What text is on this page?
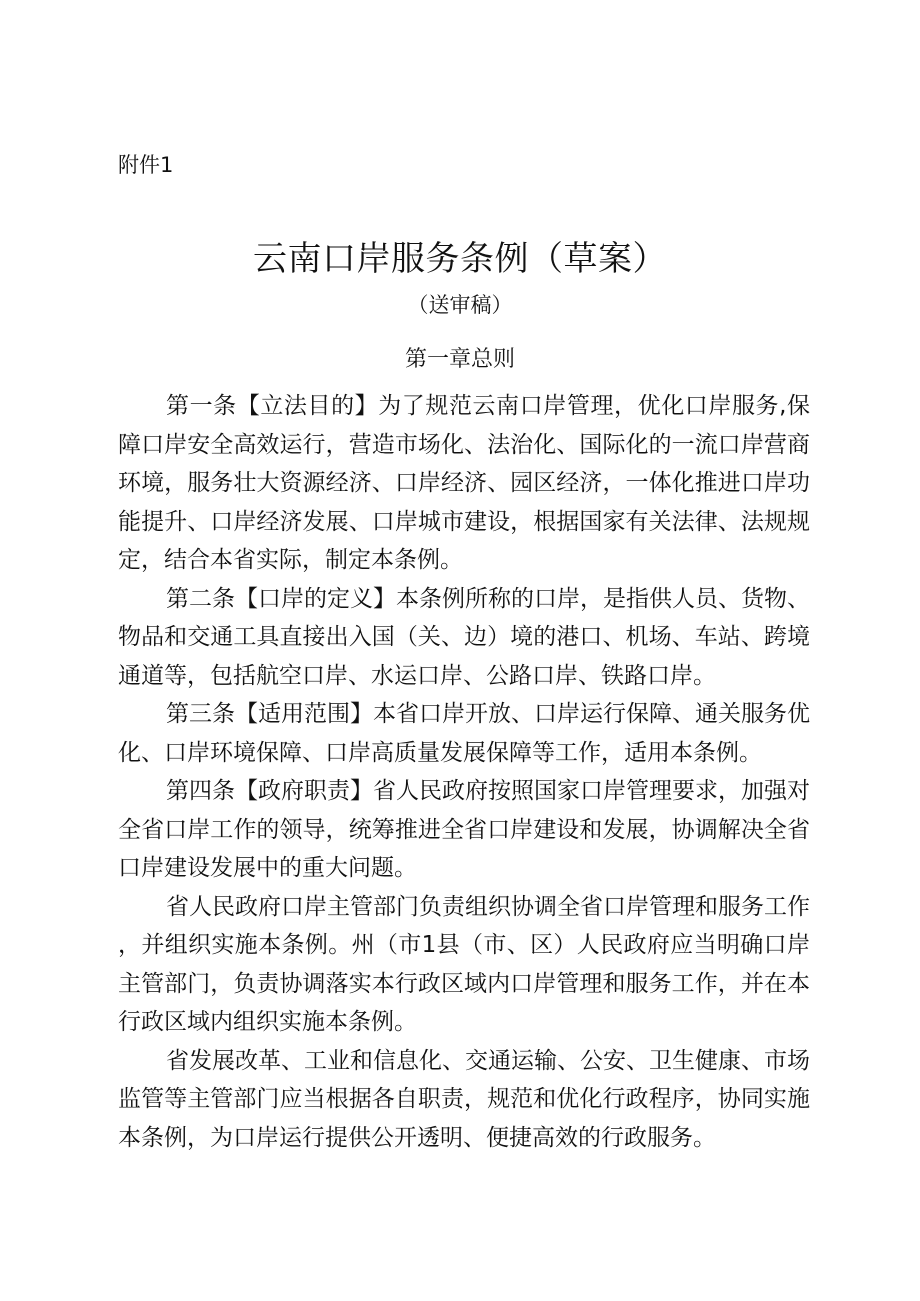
附件1
云南口岸服务条例（草案）
（送审稿）
第一章总则

第一条【立法目的】为了规范云南口岸管理，优化口岸服务,保障口岸安全高效运行，营造市场化、法治化、国际化的一流口岸营商环境，服务壮大资源经济、口岸经济、园区经济，一体化推进口岸功能提升、口岸经济发展、口岸城市建设，根据国家有关法律、法规规定，结合本省实际，制定本条例。

第二条【口岸的定义】本条例所称的口岸，是指供人员、货物、物品和交通工具直接出入国（关、边）境的港口、机场、车站、跨境通道等，包括航空口岸、水运口岸、公路口岸、铁路口岸。

第三条【适用范围】本省口岸开放、口岸运行保障、通关服务优化、口岸环境保障、口岸高质量发展保障等工作，适用本条例。

第四条【政府职责】省人民政府按照国家口岸管理要求，加强对全省口岸工作的领导，统筹推进全省口岸建设和发展，协调解决全省口岸建设发展中的重大问题。

省人民政府口岸主管部门负责组织协调全省口岸管理和服务工作，并组织实施本条例。州（市1县（市、区）人民政府应当明确口岸主管部门，负责协调落实本行政区域内口岸管理和服务工作，并在本行政区域内组织实施本条例。

省发展改革、工业和信息化、交通运输、公安、卫生健康、市场监管等主管部门应当根据各自职责，规范和优化行政程序，协同实施本条例，为口岸运行提供公开透明、便捷高效的行政服务。
